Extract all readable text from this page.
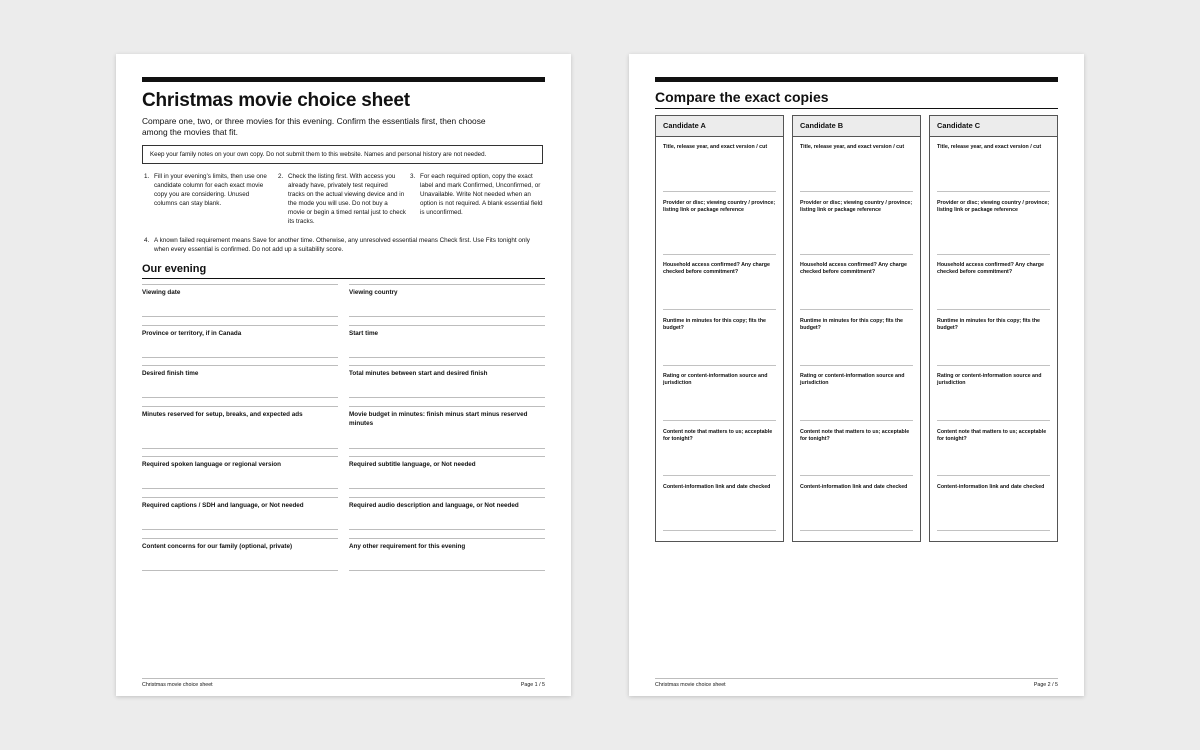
Christmas movie choice sheet
Compare one, two, or three movies for this evening. Confirm the essentials first, then choose among the movies that fit.
Keep your family notes on your own copy. Do not submit them to this website. Names and personal history are not needed.
1. Fill in your evening’s limits, then use one candidate column for each exact movie copy you are considering. Unused columns can stay blank.
2. Check the listing first. With access you already have, privately test required tracks on the actual viewing device and in the mode you will use. Do not buy a movie or begin a timed rental just to check its tracks.
3. For each required option, copy the exact label and mark Confirmed, Unconfirmed, or Unavailable. Write Not needed when an option is not required. A blank essential field is unconfirmed.
4. A known failed requirement means Save for another time. Otherwise, any unresolved essential means Check first. Use Fits tonight only when every essential is confirmed. Do not add up a suitability score.
Our evening
Viewing date	Viewing country
Province or territory, if in Canada	Start time
Desired finish time	Total minutes between start and desired finish
Minutes reserved for setup, breaks, and expected ads	Movie budget in minutes: finish minus start minus reserved minutes
Required spoken language or regional version	Required subtitle language, or Not needed
Required captions / SDH and language, or Not needed	Required audio description and language, or Not needed
Content concerns for our family (optional, private)	Any other requirement for this evening
Christmas movie choice sheet	Page 1 / 5
Compare the exact copies
Candidate A
Title, release year, and exact version / cut
Provider or disc; viewing country / province; listing link or package reference
Household access confirmed? Any charge checked before commitment?
Runtime in minutes for this copy; fits the budget?
Rating or content-information source and jurisdiction
Content note that matters to us; acceptable for tonight?
Content-information link and date checked
Candidate B
Title, release year, and exact version / cut
Provider or disc; viewing country / province; listing link or package reference
Household access confirmed? Any charge checked before commitment?
Runtime in minutes for this copy; fits the budget?
Rating or content-information source and jurisdiction
Content note that matters to us; acceptable for tonight?
Content-information link and date checked
Candidate C
Title, release year, and exact version / cut
Provider or disc; viewing country / province; listing link or package reference
Household access confirmed? Any charge checked before commitment?
Runtime in minutes for this copy; fits the budget?
Rating or content-information source and jurisdiction
Content note that matters to us; acceptable for tonight?
Content-information link and date checked
Christmas movie choice sheet	Page 2 / 5
